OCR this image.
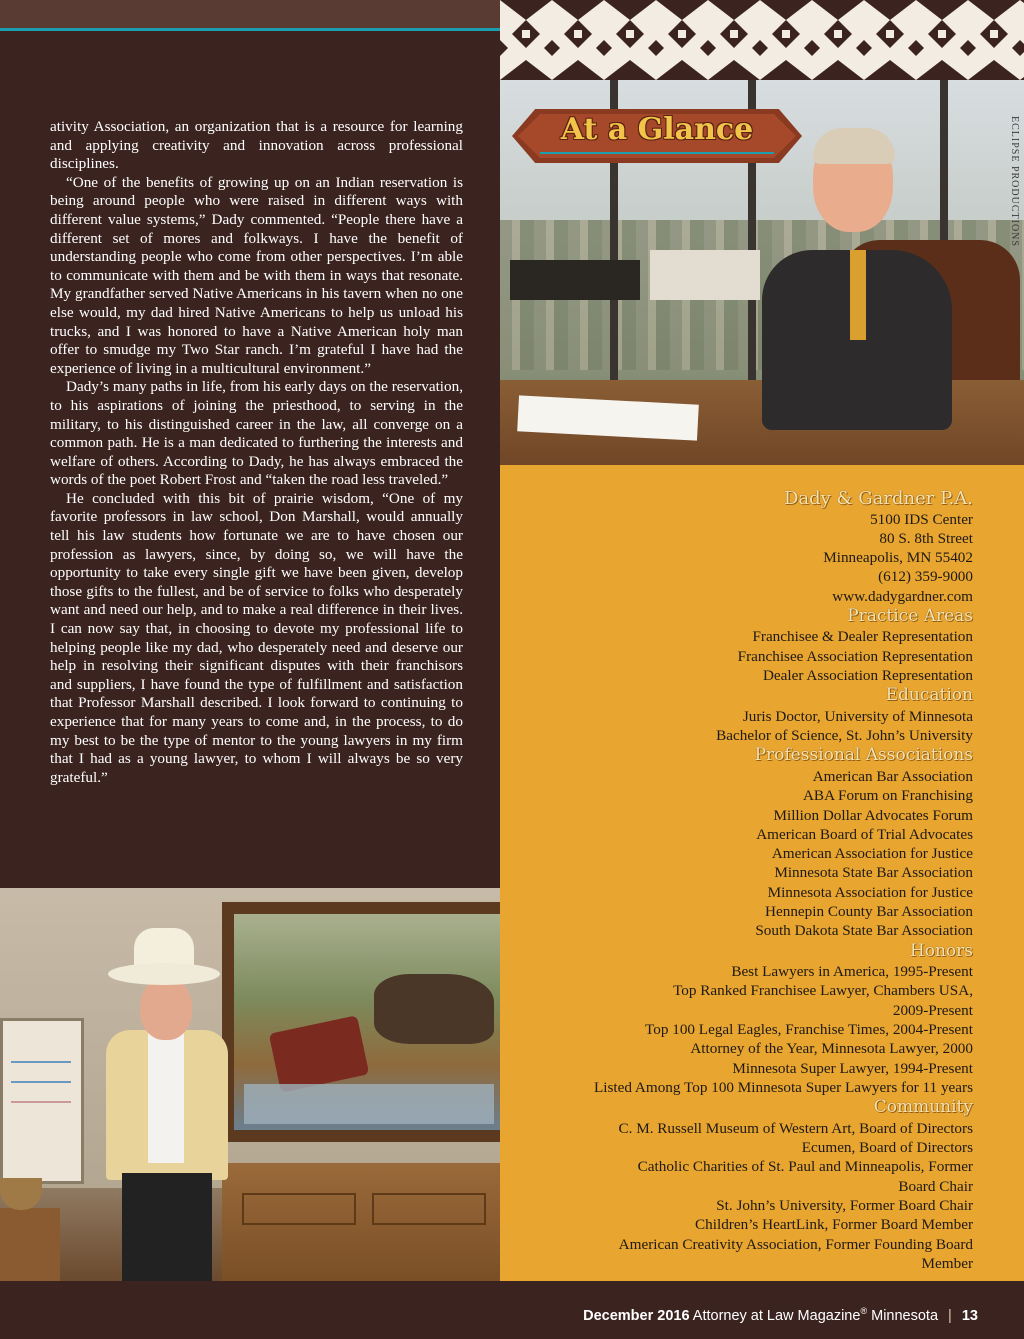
ativity Association, an organization that is a resource for learning and applying creativity and innovation across professional disciplines.

“One of the benefits of growing up on an Indian reservation is being around people who were raised in different ways with different value systems,” Dady commented. “People there have a different set of mores and folkways. I have the benefit of understanding people who come from other perspectives. I’m able to communicate with them and be with them in ways that resonate. My grandfather served Native Americans in his tavern when no one else would, my dad hired Native Americans to help us unload his trucks, and I was honored to have a Native American holy man offer to smudge my Two Star ranch. I’m grateful I have had the experience of living in a multicultural environment.”

Dady’s many paths in life, from his early days on the reservation, to his aspirations of joining the priesthood, to serving in the military, to his distinguished career in the law, all converge on a common path. He is a man dedicated to furthering the interests and welfare of others. According to Dady, he has always embraced the words of the poet Robert Frost and “taken the road less traveled.”

He concluded with this bit of prairie wisdom, “One of my favorite professors in law school, Don Marshall, would annually tell his law students how fortunate we are to have chosen our profession as lawyers, since, by doing so, we will have the opportunity to take every single gift we have been given, develop those gifts to the fullest, and be of service to folks who desperately want and need our help, and to make a real difference in their lives. I can now say that, in choosing to devote my professional life to helping people like my dad, who desperately need and deserve our help in resolving their significant disputes with their franchisors and suppliers, I have found the type of fulfillment and satisfaction that Professor Marshall described. I look forward to continuing to experience that for many years to come and, in the process, to do my best to be the type of mentor to the young lawyers in my firm that I had as a young lawyer, to whom I will always be so very grateful.”

ECLIPSE PRODUCTIONS
At a Glance
Dady & Gardner P.A.
5100 IDS Center
80 S. 8th Street
Minneapolis, MN 55402
(612) 359-9000
www.dadygardner.com
Practice Areas
Franchisee & Dealer Representation
Franchisee Association Representation
Dealer Association Representation
Education
Juris Doctor, University of Minnesota
Bachelor of Science, St. John’s University
Professional Associations
American Bar Association
ABA Forum on Franchising
Million Dollar Advocates Forum
American Board of Trial Advocates
American Association for Justice
Minnesota State Bar Association
Minnesota Association for Justice
Hennepin County Bar Association
South Dakota State Bar Association
Honors
Best Lawyers in America, 1995-Present
Top Ranked Franchisee Lawyer, Chambers USA,
2009-Present
Top 100 Legal Eagles, Franchise Times, 2004-Present
Attorney of the Year, Minnesota Lawyer, 2000
Minnesota Super Lawyer, 1994-Present
Listed Among Top 100 Minnesota Super Lawyers for 11 years
Community
C. M. Russell Museum of Western Art, Board of Directors
Ecumen, Board of Directors
Catholic Charities of St. Paul and Minneapolis, Former
Board Chair
St. John’s University, Former Board Chair
Children’s HeartLink, Former Board Member
American Creativity Association, Former Founding Board
Member
December 2016 Attorney at Law Magazine® Minnesota | 13
